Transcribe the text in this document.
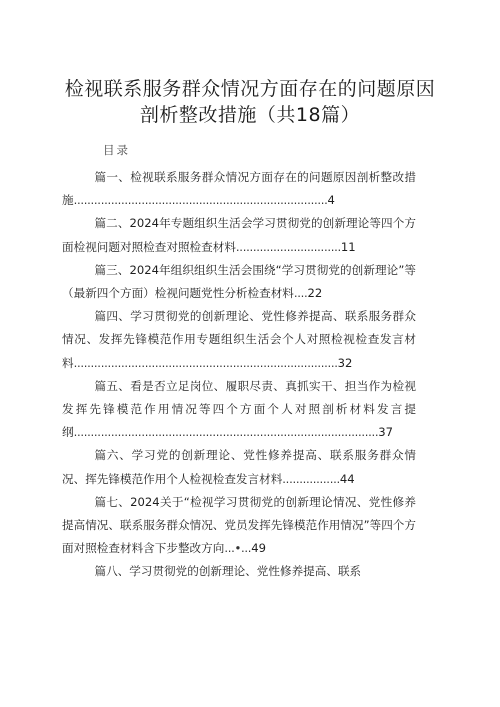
检视联系服务群众情况方面存在的问题原因剖析整改措施（共18篇）
目录
篇一、检视联系服务群众情况方面存在的问题原因剖析整改措施...........................................................................4
篇二、2024年专题组织生活会学习贯彻党的创新理论等四个方面检视问题对照检查对照检查材料...............................11
篇三、2024年组织组织生活会围绕“学习贯彻党的创新理论”等（最新四个方面）检视问题党性分析检查材料....22
篇四、学习贯彻党的创新理论、党性修养提高、联系服务群众情况、发挥先锋模范作用专题组织生活会个人对照检视检查发言材料..............................................................................32
篇五、看是否立足岗位、履职尽责、真抓实干、担当作为检视发挥先锋模范作用情况等四个方面个人对照剖析材料发言提纲..........................................................................................37
篇六、学习党的创新理论、党性修养提高、联系服务群众情况、挥先锋模范作用个人检视检查发言材料.................44
篇七、2024关于“检视学习贯彻党的创新理论情况、党性修养提高情况、联系服务群众情况、党员发挥先锋模范作用情况”等四个方面对照检查材料含下步整改方向...•...49
篇八、学习贯彻党的创新理论、党性修养提高、联系
